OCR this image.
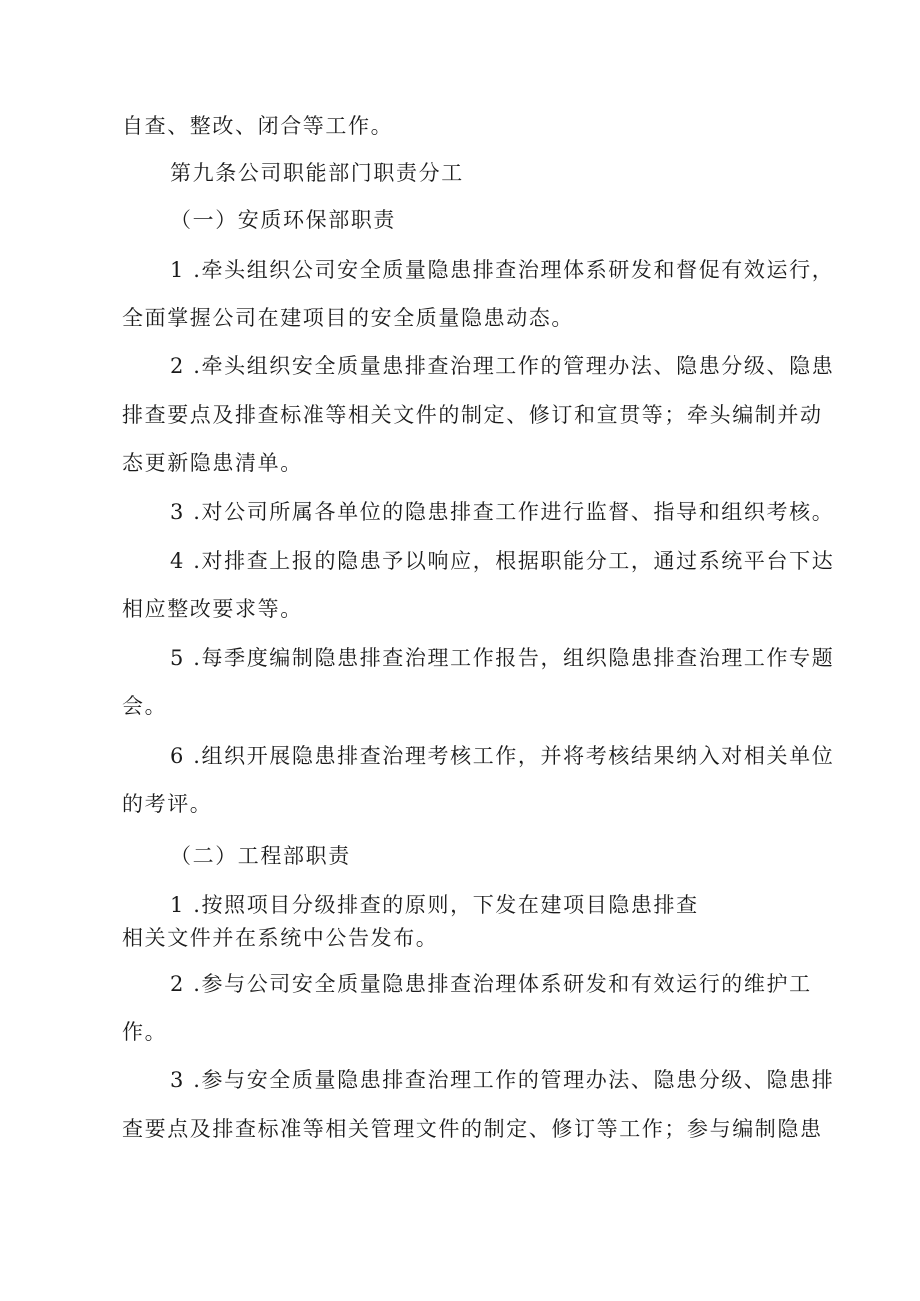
自查、整改、闭合等工作。
第九条公司职能部门职责分工
（一）安质环保部职责
1 .牵头组织公司安全质量隐患排查治理体系研发和督促有效运行，
全面掌握公司在建项目的安全质量隐患动态。
2 .牵头组织安全质量患排查治理工作的管理办法、隐患分级、隐患
排查要点及排查标准等相关文件的制定、修订和宣贯等；牵头编制并动
态更新隐患清单。
3 .对公司所属各单位的隐患排查工作进行监督、指导和组织考核。
4 .对排查上报的隐患予以响应，根据职能分工，通过系统平台下达
相应整改要求等。
5 .每季度编制隐患排查治理工作报告，组织隐患排查治理工作专题
会。
6 .组织开展隐患排查治理考核工作，并将考核结果纳入对相关单位
的考评。
（二）工程部职责
1 .按照项目分级排查的原则，下发在建项目隐患排查
相关文件并在系统中公告发布。
2 .参与公司安全质量隐患排查治理体系研发和有效运行的维护工
作。
3 .参与安全质量隐患排查治理工作的管理办法、隐患分级、隐患排
查要点及排查标准等相关管理文件的制定、修订等工作；参与编制隐患
